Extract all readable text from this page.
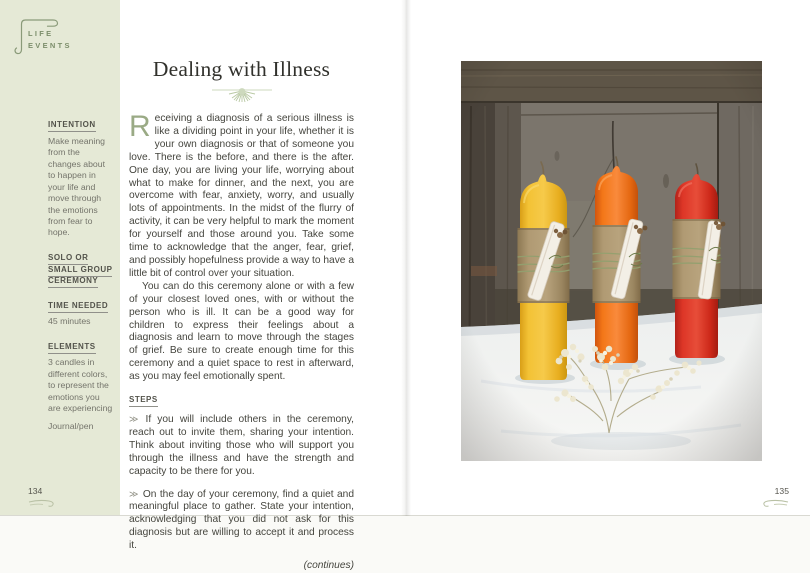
LIFE
EVENTS
INTENTION
Make meaning from the changes about to happen in your life and move through the emotions from fear to hope.
SOLO OR SMALL GROUP CEREMONY
TIME NEEDED
45 minutes
ELEMENTS
3 candles in different colors, to represent the emotions you are experiencing
Journal/pen
Dealing with Illness

Receiving a diagnosis of a serious illness is like a dividing point in your life, whether it is your own diagnosis or that of someone you love. There is the before, and there is the after. One day, you are living your life, worrying about what to make for dinner, and the next, you are overcome with fear, anxiety, worry, and usually lots of appointments. In the midst of the flurry of activity, it can be very helpful to mark the moment for yourself and those around you. Take some time to acknowledge that the anger, fear, grief, and possibly hopefulness provide a way to have a little bit of control over your situation.

You can do this ceremony alone or with a few of your closest loved ones, with or without the person who is ill. It can be a good way for children to express their feelings about a diagnosis and learn to move through the stages of grief. Be sure to create enough time for this ceremony and a quiet space to rest in afterward, as you may feel emotionally spent.

STEPS

≫ If you will include others in the ceremony, reach out to invite them, sharing your intention. Think about inviting those who will support you through the illness and have the strength and capacity to be there for you.

≫ On the day of your ceremony, find a quiet and meaningful place to gather. State your intention, acknowledging that you did not ask for this diagnosis but are willing to accept it and process it.

(continues)

134	135
